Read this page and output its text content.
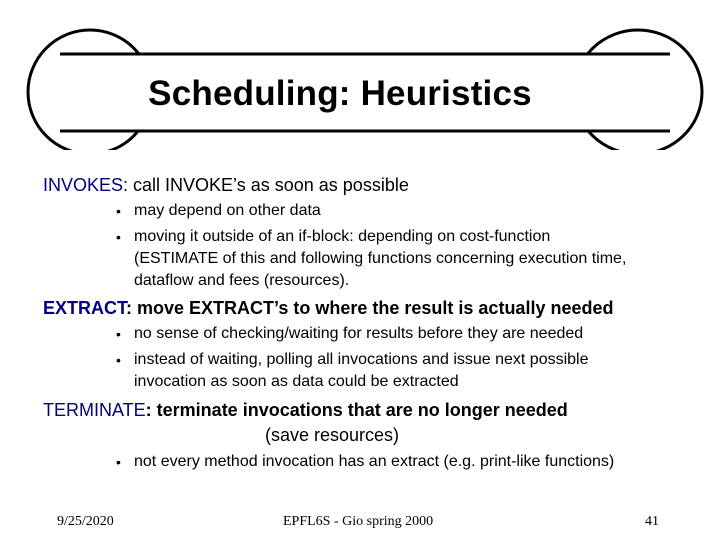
Scheduling: Heuristics
INVOKES: call INVOKE’s as soon as possible
• may depend on other data
• moving it outside of an if-block: depending on cost-function
(ESTIMATE of this and following functions concerning execution time,
dataflow and fees (resources).
EXTRACT: move EXTRACT’s to where the result is actually needed
• no sense of checking/waiting for results before they are needed
• instead of waiting, polling all invocations and issue next possible
invocation as soon as data could be extracted
TERMINATE: terminate invocations that are no longer needed
(save resources)
• not every method invocation has an extract (e.g. print-like functions)
9/25/2020	EPFL6S - Gio spring 2000	41
